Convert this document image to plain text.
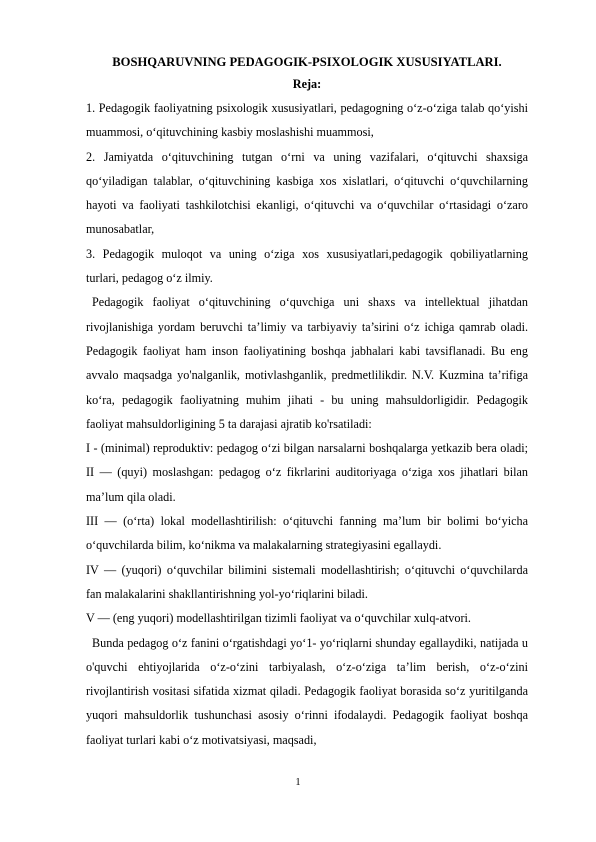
BOSHQARUVNING PEDAGOGIK-PSIXOLOGIK XUSUSIYATLARI.
Reja:

1. Pedagogik faoliyatning psixologik xususiyatlari, pedagogning o‘z-o‘ziga talab qo‘yishi muammosi, o‘qituvchining kasbiy moslashishi muammosi,

2. Jamiyatda o‘qituvchining tutgan o‘rni va uning vazifalari, o‘qituvchi shaxsiga qo‘yiladigan talablar, o‘qituvchining kasbiga xos xislatlari, o‘qituvchi o‘quvchilarning hayoti va faoliyati tashkilotchisi ekanligi, o‘qituvchi va o‘quvchilar o‘rtasidagi o‘zaro munosabatlar,

3. Pedagogik muloqot va uning o‘ziga xos xususiyatlari,pedagogik qobiliyatlarning turlari, pedagog o‘z ilmiy.

Pedagogik faoliyat o‘qituvchining o‘quvchiga uni shaxs va intellektual jihatdan rivojlanishiga yordam beruvchi ta’limiy va tarbiyaviy ta’sirini o‘z ichiga qamrab oladi. Pedagogik faoliyat ham inson faoliyatining boshqa jabhalari kabi tavsiflanadi. Bu eng avvalo maqsadga yo'nalganlik, motivlashganlik, predmetlilikdir. N.V. Kuzmina ta’rifiga ko‘ra, pedagogik faoliyatning muhim jihati - bu uning mahsuldorligidir. Pedagogik faoliyat mahsuldorligining 5 ta darajasi ajratib ko'rsatiladi:

I - (minimal) reproduktiv: pedagog o‘zi bilgan narsalarni boshqalarga yetkazib bera oladi; II — (quyi) moslashgan: pedagog o‘z fikrlarini auditoriyaga o‘ziga xos jihatlari bilan ma’lum qila oladi.

III — (o‘rta) lokal modellashtirilish: o‘qituvchi fanning ma’lum bir bolimi bo‘yicha o‘quvchilarda bilim, ko‘nikma va malakalarning strategiyasini egallaydi.

IV — (yuqori) o‘quvchilar bilimini sistemali modellashtirish; o‘qituvchi o‘quvchilarda fan malakalarini shakllantirishning yol-yo‘riqlarini biladi.

V — (eng yuqori) modellashtirilgan tizimli faoliyat va o‘quvchilar xulq-atvori.

Bunda pedagog o‘z fanini o‘rgatishdagi yo‘1- yo‘riqlarni shunday egallaydiki, natijada u o'quvchi ehtiyojlarida o‘z-o‘zini tarbiyalash, o‘z-o‘ziga ta’lim berish, o‘z-o‘zini rivojlantirish vositasi sifatida xizmat qiladi. Pedagogik faoliyat borasida so‘z yuritilganda yuqori mahsuldorlik tushunchasi asosiy o‘rinni ifodalaydi. Pedagogik faoliyat boshqa faoliyat turlari kabi o‘z motivatsiyasi, maqsadi,

1
